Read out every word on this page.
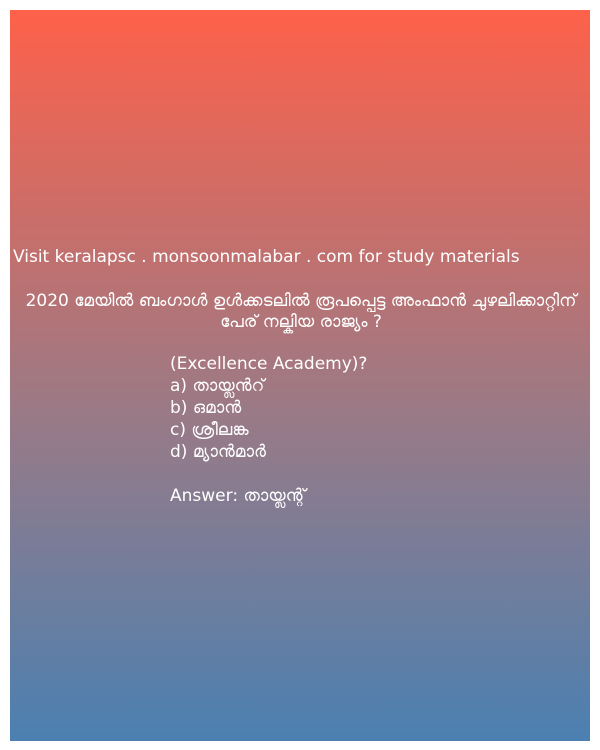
Visit keralapsc . monsoonmalabar . com for study materials
2020 മേയിൽ ബംഗാൾ ഉൾക്കടലിൽ രൂപപ്പെട്ട അംഫാൻ ചുഴലിക്കാറ്റിന് പേര് നല്കിയ രാജ്യം ?
(Excellence Academy)?
a) തായ്ലൻറ്
b) ഒമാൻ
c) ശ്രീലങ്ക
d) മ്യാൻമാർ
Answer: തായ്ലന്റ്
